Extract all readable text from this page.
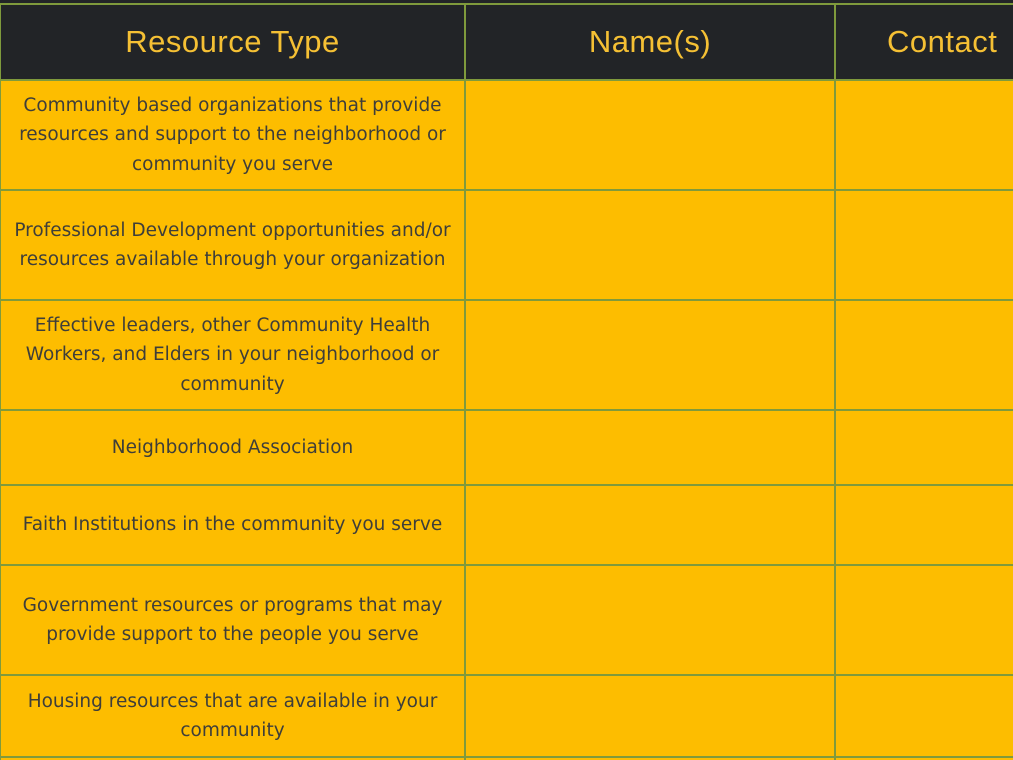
Resource Type	Name(s)	Contact
Community based organizations that provide resources and support to the neighborhood or community you serve		
Professional Development opportunities and/or resources available through your organization		
Effective leaders, other Community Health Workers, and Elders in your neighborhood or community		
Neighborhood Association		
Faith Institutions in the community you serve		
Government resources or programs that may provide support to the people you serve		
Housing resources that are available in your community		
